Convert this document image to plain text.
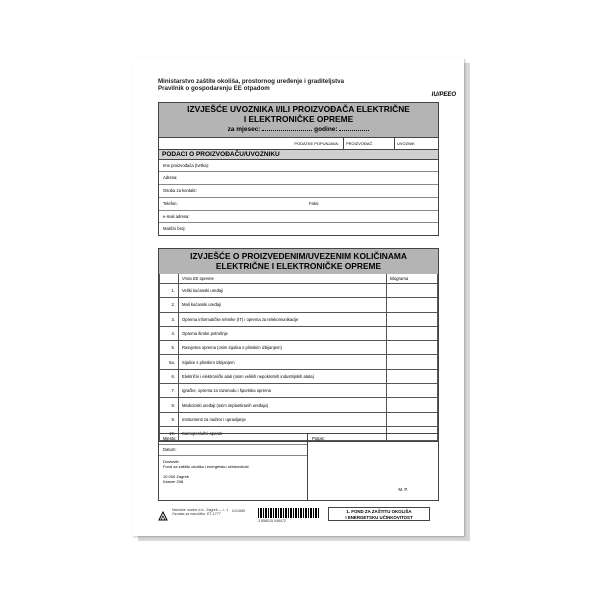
Ministarstvo zaštite okoliša, prostornog uređenje i graditeljstva
Pravilnik o gospodarenju EE otpadom
IU/PEEO
IZVJEŠĆE UVOZNIKA I/ILI PROIZVOĐAČA ELEKTRIČNE
I ELEKTRONIČKE OPREME
za mjesec:	godine:
PODATKE POPUNJAVA:	PROIZVOĐAČ	UVOZNIK
PODACI O PROIZVOĐAČU/UVOZNIKU
Ime proizvođača (tvrtka):
Adresa:
Osoba za kontakt:
Telefon:	Faks:
e-mail adresa:
Matični broj:
IZVJEŠĆE O PROIZVEDENIM/UVEZENIM KOLIČINAMA
ELEKTRIČNE I ELEKTRONIČKE OPREME
	Vrsta EE opreme	kilograma
1.	Veliki kućanski uređaji	
2.	Mali kućanski uređaji	
3.	Oprema informatičke tehnike (IT) i oprema za telekomunikacije	
4.	Oprema široke potrošnje	
5.	Rasvjetna oprema (osim sijalica s plinskim izbijanjem)	
5a.	Sijalice s plinskim izbijanjem	
6.	Električni i elektronički alati (osim velikih nepokretnih industrijskih alata)	
7.	Igračke, oprema za razonodu i športska oprema	
8.	Medicinski uređaji (osim implantiranih uređaja)	
9.	Instrumenti za nadzor i upravljanje	
10.	Samoposlužni aparati	
Mjesto:
Datum:
Dostaviti:
Fond za zaštitu okoliša i energetsku učinkovitost
10 000 Zagreb
Ksaver 208
Potpis:
M. P.
Narodne novine d.d., Zagreb — I. 1
Oznaka za narudžbu: ET-1777
01/1089
3 856015 048472
1. FOND ZA ZAŠTITU OKOLIŠA
I ENERGETSKU UČINKOVITOST
